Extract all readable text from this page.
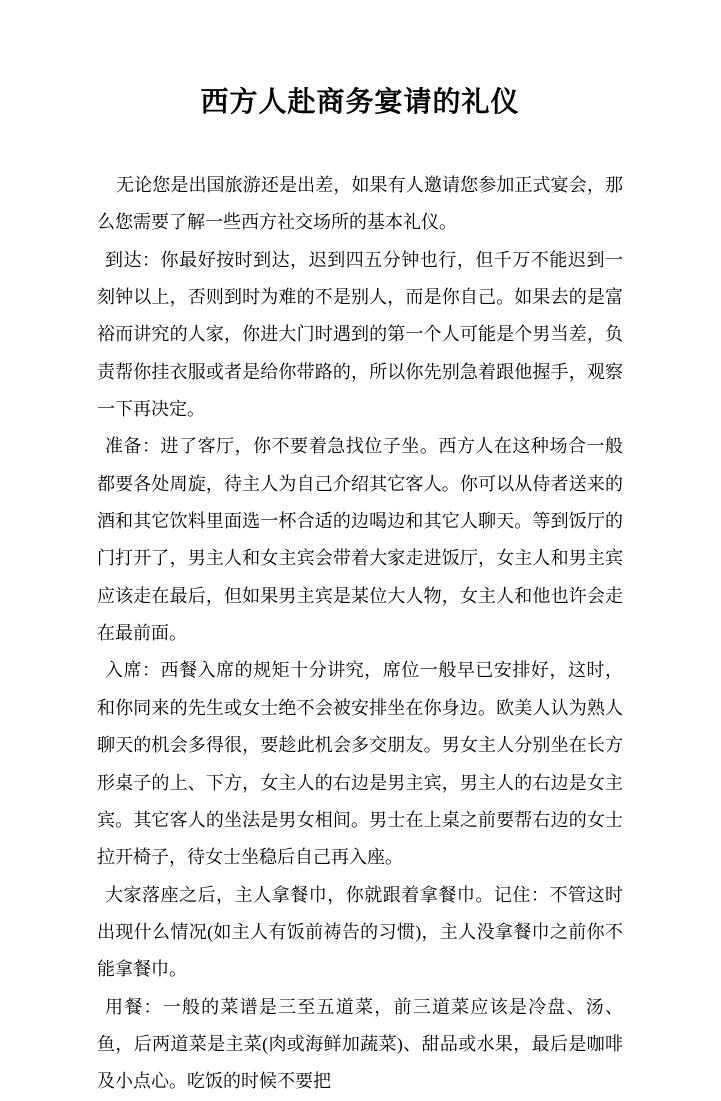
西方人赴商务宴请的礼仪

无论您是出国旅游还是出差，如果有人邀请您参加正式宴会，那么您需要了解一些西方社交场所的基本礼仪。

到达：你最好按时到达，迟到四五分钟也行，但千万不能迟到一刻钟以上，否则到时为难的不是别人，而是你自己。如果去的是富裕而讲究的人家，你进大门时遇到的第一个人可能是个男当差，负责帮你挂衣服或者是给你带路的，所以你先别急着跟他握手，观察一下再决定。

准备：进了客厅，你不要着急找位子坐。西方人在这种场合一般都要各处周旋，待主人为自己介绍其它客人。你可以从侍者送来的酒和其它饮料里面选一杯合适的边喝边和其它人聊天。等到饭厅的门打开了，男主人和女主宾会带着大家走进饭厅，女主人和男主宾应该走在最后，但如果男主宾是某位大人物，女主人和他也许会走在最前面。

入席：西餐入席的规矩十分讲究，席位一般早已安排好，这时，和你同来的先生或女士绝不会被安排坐在你身边。欧美人认为熟人聊天的机会多得很，要趁此机会多交朋友。男女主人分别坐在长方形桌子的上、下方，女主人的右边是男主宾，男主人的右边是女主宾。其它客人的坐法是男女相间。男士在上桌之前要帮右边的女士拉开椅子，待女士坐稳后自己再入座。

大家落座之后，主人拿餐巾，你就跟着拿餐巾。记住：不管这时出现什么情况(如主人有饭前祷告的习惯)，主人没拿餐巾之前你不能拿餐巾。

用餐：一般的菜谱是三至五道菜，前三道菜应该是冷盘、汤、鱼，后两道菜是主菜(肉或海鲜加蔬菜)、甜品或水果，最后是咖啡及小点心。吃饭的时候不要把
